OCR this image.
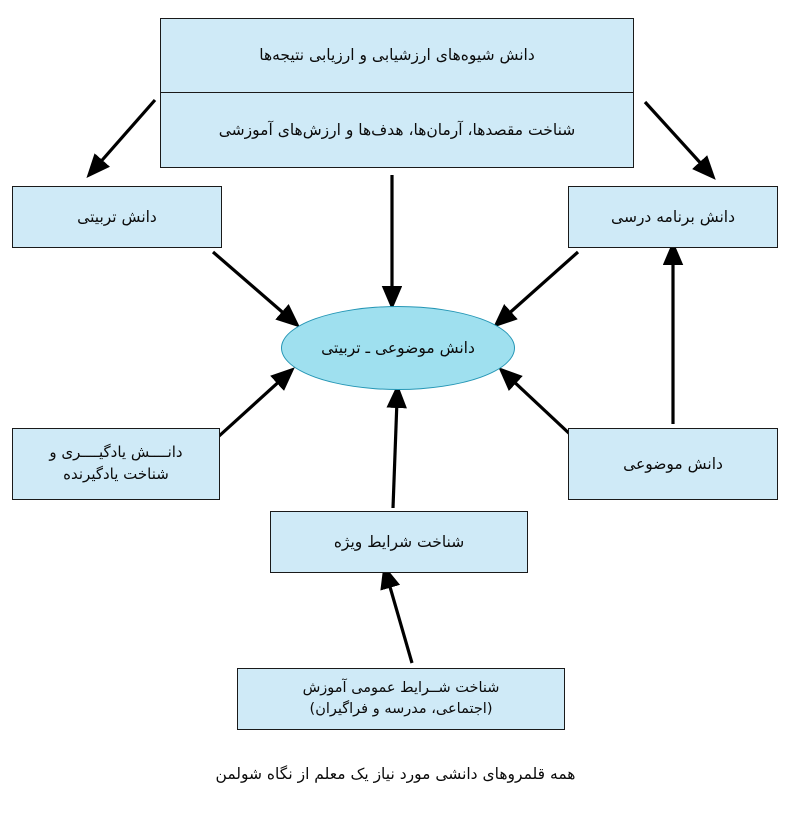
دانش شیوه‌های ارزشیابی و ارزیابی نتیجه‌ها
شناخت مقصدها، آرمان‌ها، هدف‌ها و ارزش‌های آموزشی
دانش تربیتی	دانش برنامه درسی
دانــــش یادگیــــری و
شناخت یادگیرنده
دانش موضوعی
شناخت شرایط ویژه
شناخت شــرایط عمومی آموزش
(اجتماعی، مدرسه و فراگیران)
دانش موضوعی ـ تربیتی
همه قلمروهای دانشی مورد نیاز یک معلم از نگاه شولمن
